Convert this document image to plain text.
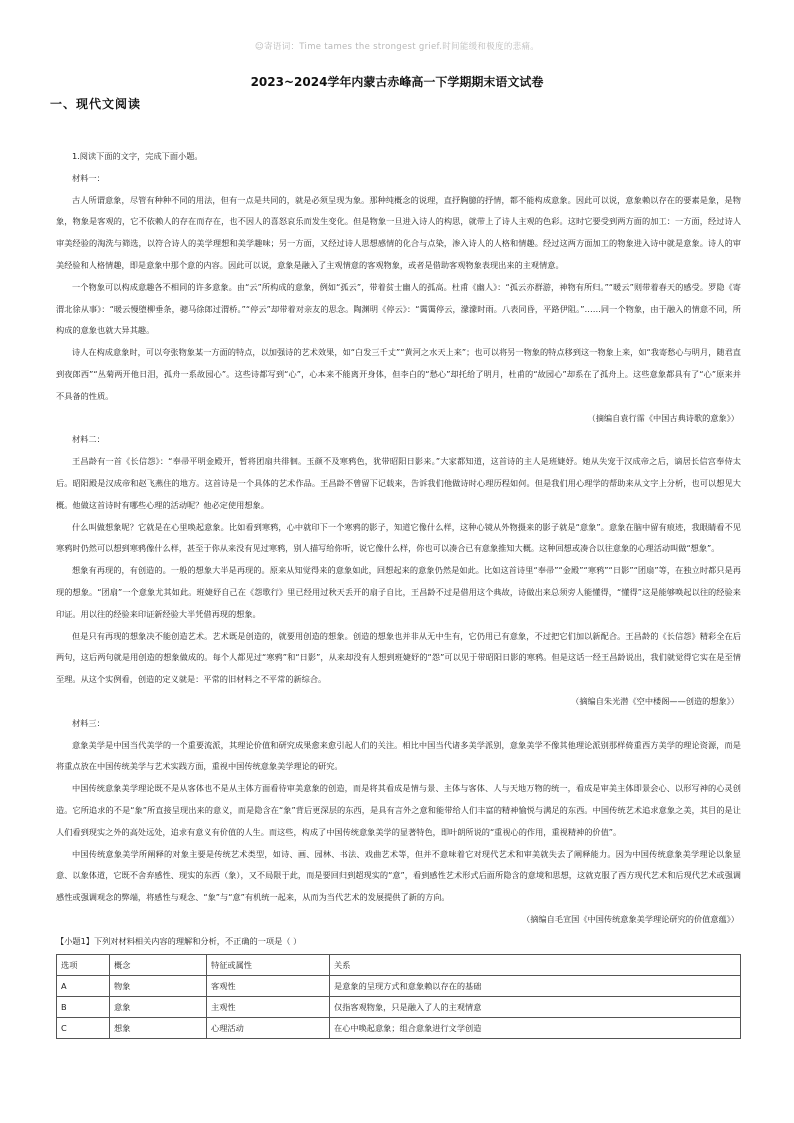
☺寄语词：Time tames the strongest grief.时间能缓和极度的悲痛。
2023~2024学年内蒙古赤峰高一下学期期末语文试卷
一、现代文阅读

1.阅读下面的文字，完成下面小题。

材料一：

古人所谓意象，尽管有种种不同的用法，但有一点是共同的，就是必须呈现为象。那种纯概念的说理，直抒胸臆的抒情，都不能构成意象。因此可以说，意象赖以存在的要素是象，是物象，物象是客观的，它不依赖人的存在而存在，也不因人的喜怒哀乐而发生变化。但是物象一旦进入诗人的构思，就带上了诗人主观的色彩。这时它要受到两方面的加工：一方面，经过诗人审美经验的淘洗与筛选，以符合诗人的美学理想和美学趣味；另一方面，又经过诗人思想感情的化合与点染，渗入诗人的人格和情趣。经过这两方面加工的物象进入诗中就是意象。诗人的审美经验和人格情趣，即是意象中那个意的内容。因此可以说，意象是融入了主观情意的客观物象，或者是借助客观物象表现出来的主观情意。

一个物象可以构成意趣各不相同的许多意象。由“云”所构成的意象，例如“孤云”，带着贫士幽人的孤高。杜甫《幽人》：“孤云亦群游，神物有所归。”“暖云”则带着春天的感受。罗隐《寄渭北徐从事》：“暖云慢堕柳垂条，骢马徐郎过渭桥。”“停云”却带着对亲友的思念。陶渊明《停云》：“霭霭停云，濛濛时雨。八表同昏，平路伊阻。”……同一个物象，由于融入的情意不同，所构成的意象也就大异其趣。

诗人在构成意象时，可以夸张物象某一方面的特点，以加强诗的艺术效果，如“白发三千丈”“黄河之水天上来”；也可以将另一物象的特点移到这一物象上来，如“我寄愁心与明月，随君直到夜郎西”“丛菊两开他日泪，孤舟一系故园心”。这些诗都写到“心”，心本来不能离开身体，但李白的“愁心”却托给了明月，杜甫的“故园心”却系在了孤舟上。这些意象都具有了“心”原来并不具备的性质。

（摘编自袁行霈《中国古典诗歌的意象》）

材料二：

王昌龄有一首《长信怨》：“奉帚平明金殿开，暂将团扇共徘徊。玉颜不及寒鸦色，犹带昭阳日影来。”大家都知道，这首诗的主人是班婕妤。她从失宠于汉成帝之后，谪居长信宫奉侍太后。昭阳殿是汉成帝和赵飞燕住的地方。这首诗是一个具体的艺术作品。王昌龄不曾留下记载来，告诉我们他做诗时心理历程如何。但是我们用心理学的帮助来从文字上分析，也可以想见大概。他做这首诗时有哪些心理的活动呢？他必定使用想象。

什么叫做想象呢？它就是在心里唤起意象。比如看到寒鸦，心中就印下一个寒鸦的影子，知道它像什么样，这种心镜从外物摄来的影子就是“意象”。意象在脑中留有痕迹，我眼睛看不见寒鸦时仍然可以想到寒鸦像什么样，甚至于你从来没有见过寒鸦，别人描写给你听，说它像什么样，你也可以凑合已有意象推知大概。这种回想或凑合以往意象的心理活动叫做“想象”。

想象有再现的，有创造的。一般的想象大半是再现的。原来从知觉得来的意象如此，回想起来的意象仍然是如此。比如这首诗里“奉帚”“金殿”“寒鸦”“日影”“团扇”等，在独立时都只是再现的想象。“团扇”一个意象尤其如此。班婕妤自己在《怨歌行》里已经用过秋天丢开的扇子自比，王昌龄不过是借用这个典故，诗做出来总须旁人能懂得，“懂得”这是能够唤起以往的经验来印证。用以往的经验来印证新经验大半凭借再现的想象。

但是只有再现的想象决不能创造艺术。艺术既是创造的，就要用创造的想象。创造的想象也并非从无中生有，它仍用已有意象，不过把它们加以新配合。王昌龄的《长信怨》精彩全在后两句，这后两句就是用创造的想象做成的。每个人都见过“寒鸦”和“日影”，从来却没有人想到班婕妤的“怨”可以见于带昭阳日影的寒鸦。但是这话一经王昌龄说出，我们就觉得它实在是至情至理。从这个实例看，创造的定义就是：平常的旧材料之不平常的新综合。

（摘编自朱光潜《空中楼阁——创造的想象》）

材料三：

意象美学是中国当代美学的一个重要流派，其理论价值和研究成果愈来愈引起人们的关注。相比中国当代诸多美学派别，意象美学不像其他理论派别那样倚重西方美学的理论资源，而是将重点放在中国传统美学与艺术实践方面，重视中国传统意象美学理论的研究。

中国传统意象美学理论既不是从客体也不是从主体方面看待审美意象的创造，而是将其看成是情与景、主体与客体、人与天地万物的统一，看成是审美主体即景会心、以形写神的心灵创造。它所追求的不是“象”所直接呈现出来的意义，而是隐含在“象”背后更深层的东西，是具有言外之意和能带给人们丰富的精神愉悦与满足的东西。中国传统艺术追求意象之美，其目的是让人们看到现实之外的高处远处，追求有意义有价值的人生。而这些，构成了中国传统意象美学的显著特色，即叶朗所说的“重视心的作用，重视精神的价值”。

中国传统意象美学所阐释的对象主要是传统艺术类型，如诗、画、园林、书法、戏曲艺术等，但并不意味着它对现代艺术和审美就失去了阐释能力。因为中国传统意象美学理论以象显意、以象体道，它既不舍弃感性、现实的东西（象），又不局限于此，而是要回归到超现实的“意”，看到感性艺术形式后面所隐含的意境和思想，这就克服了西方现代艺术和后现代艺术或强调感性或强调观念的弊端，将感性与观念、“象”与“意”有机统一起来，从而为当代艺术的发展提供了新的方向。

（摘编自毛宣国《中国传统意象美学理论研究的价值意蕴》）

【小题1】下列对材料相关内容的理解和分析，不正确的一项是（ ）

选项	概念	特征或属性	关系
A	物象	客观性	是意象的呈现方式和意象赖以存在的基础
B	意象	主观性	仅指客观物象，只是融入了人的主观情意
C	想象	心理活动	在心中唤起意象；组合意象进行文学创造
